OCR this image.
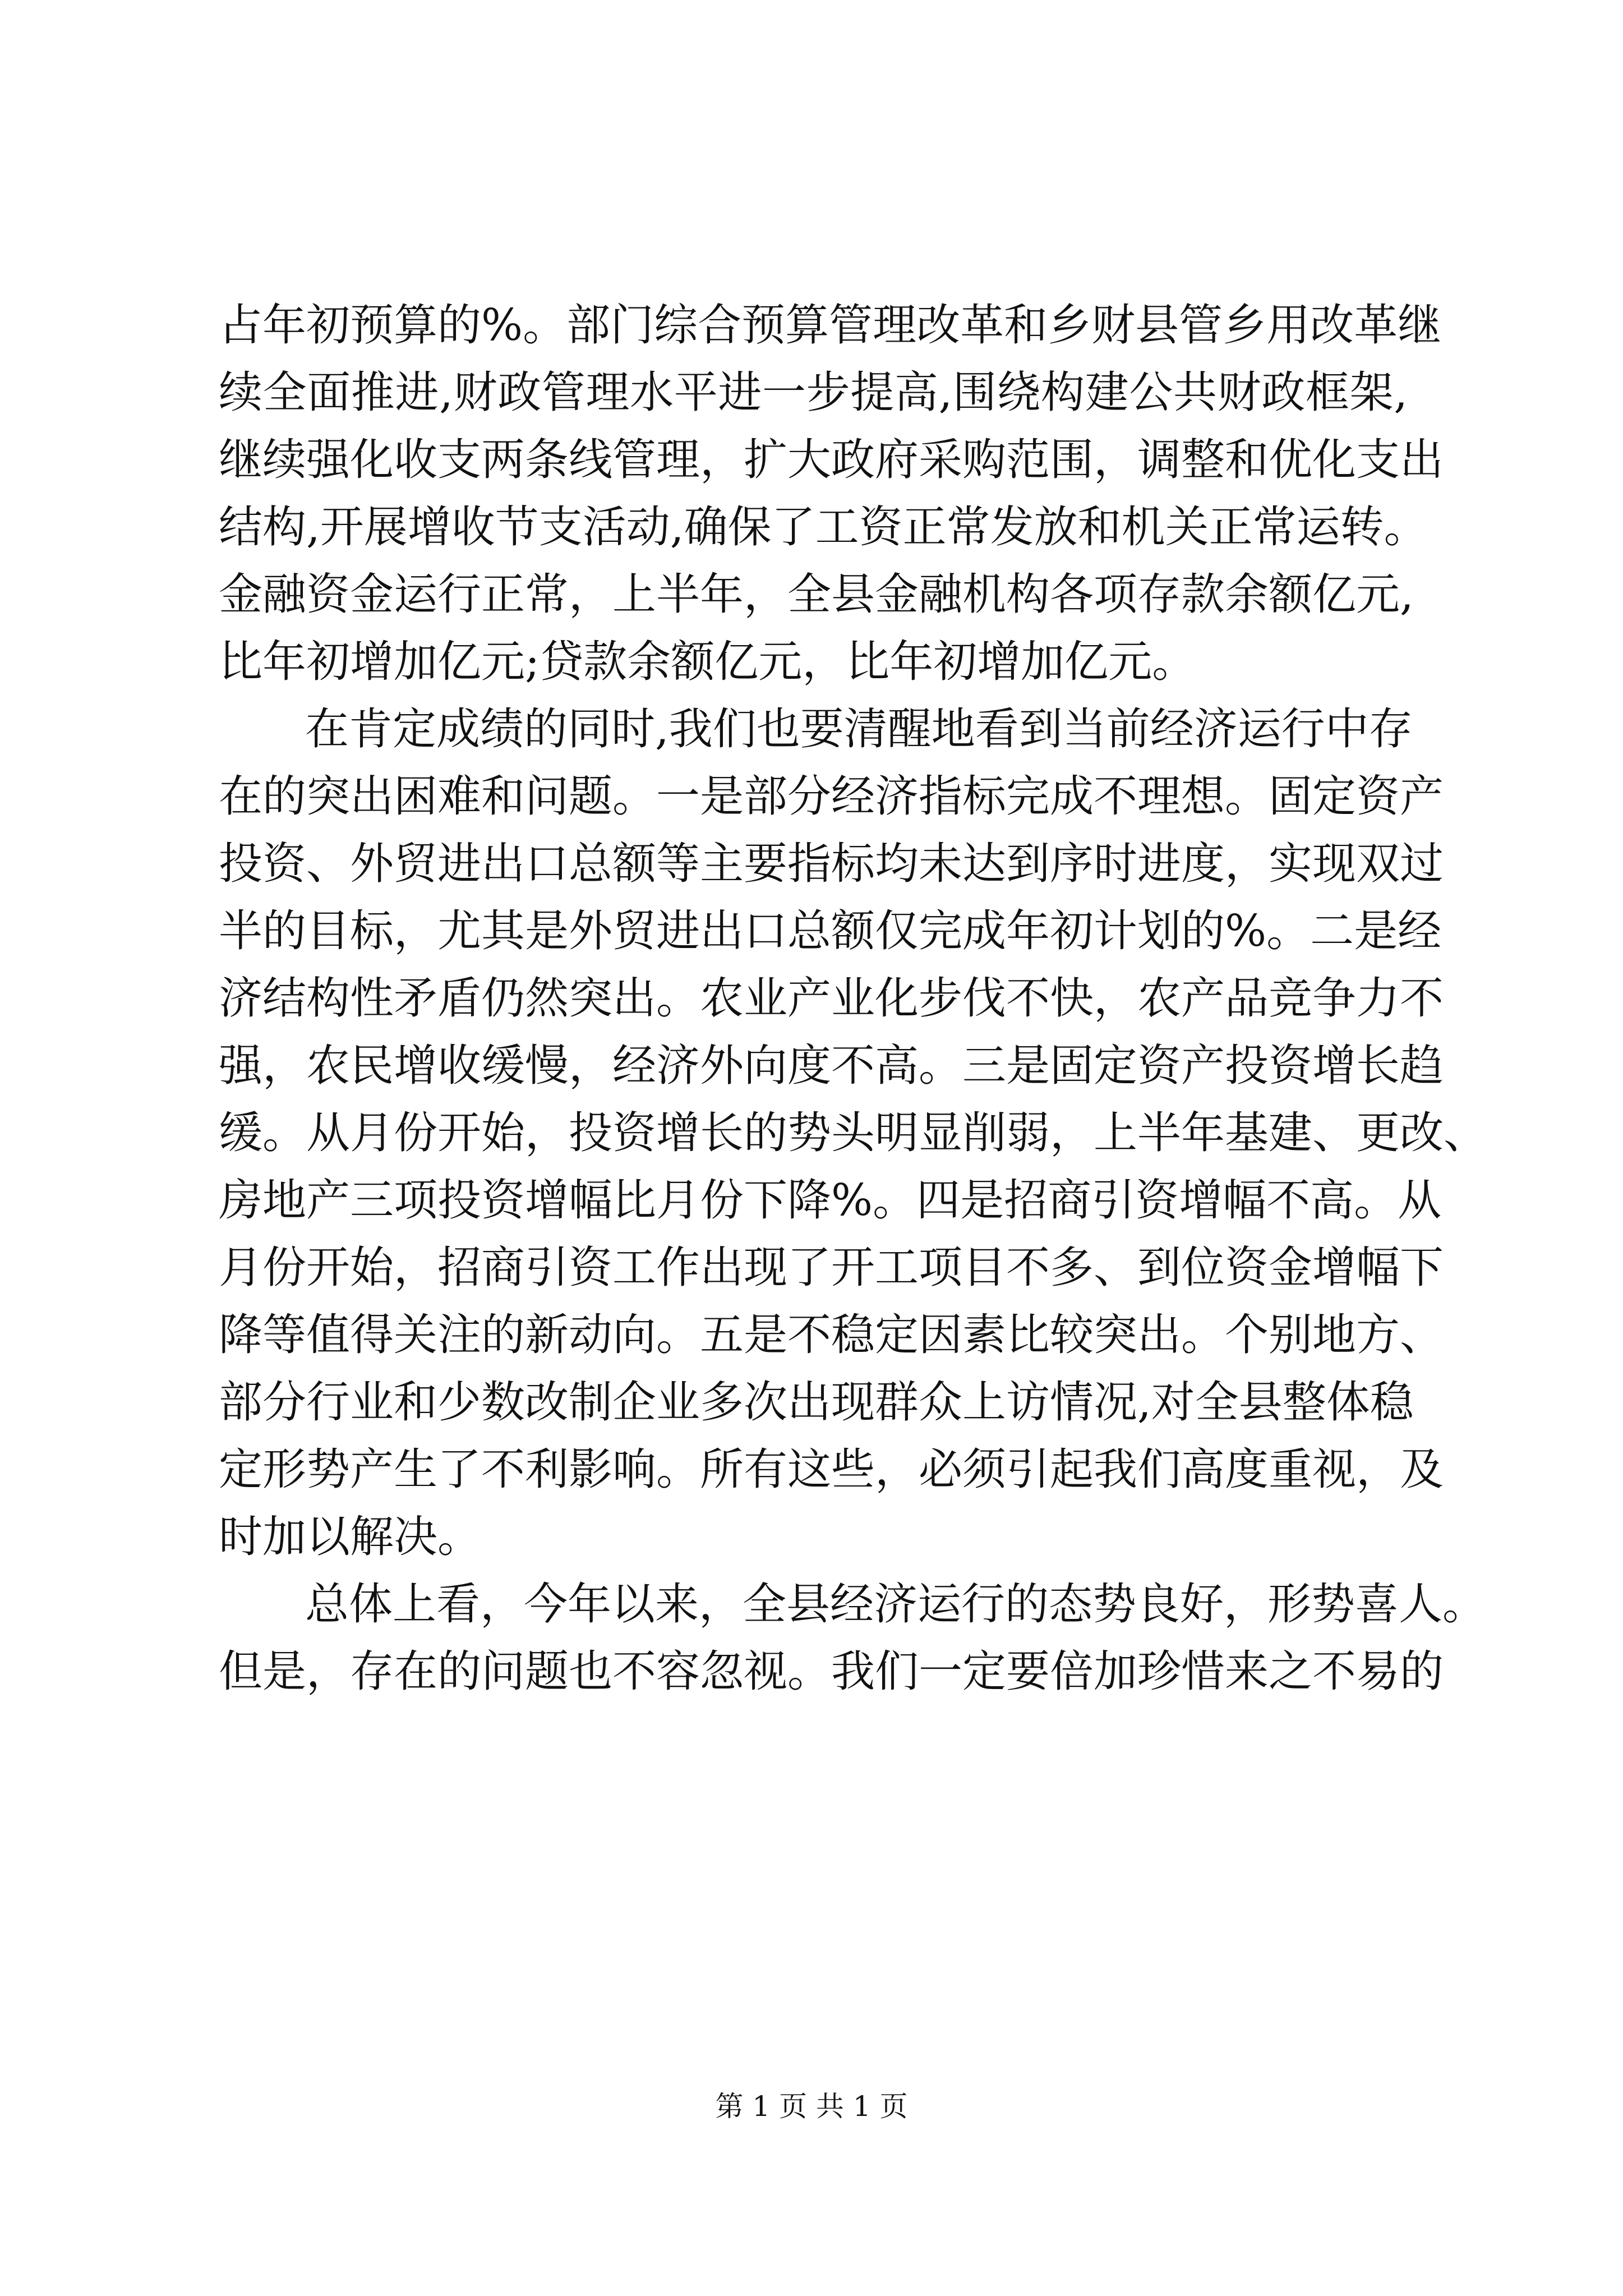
占年初预算的%。部门综合预算管理改革和乡财县管乡用改革继

续全面推进,财政管理水平进一步提高,围绕构建公共财政框架,

继续强化收支两条线管理，扩大政府采购范围，调整和优化支出

结构,开展增收节支活动,确保了工资正常发放和机关正常运转。

金融资金运行正常，上半年，全县金融机构各项存款余额亿元,

比年初增加亿元;贷款余额亿元，比年初增加亿元。

在肯定成绩的同时,我们也要清醒地看到当前经济运行中存

在的突出困难和问题。一是部分经济指标完成不理想。固定资产

投资、外贸进出口总额等主要指标均未达到序时进度，实现双过

半的目标，尤其是外贸进出口总额仅完成年初计划的%。二是经

济结构性矛盾仍然突出。农业产业化步伐不快，农产品竞争力不

强，农民增收缓慢，经济外向度不高。三是固定资产投资增长趋

缓。从月份开始，投资增长的势头明显削弱，上半年基建、更改、

房地产三项投资增幅比月份下降%。四是招商引资增幅不高。从

月份开始，招商引资工作出现了开工项目不多、到位资金增幅下

降等值得关注的新动向。五是不稳定因素比较突出。个别地方、

部分行业和少数改制企业多次出现群众上访情况,对全县整体稳

定形势产生了不利影响。所有这些，必须引起我们高度重视，及

时加以解决。

总体上看，今年以来，全县经济运行的态势良好，形势喜人。

但是，存在的问题也不容忽视。我们一定要倍加珍惜来之不易的

第 1 页 共 1 页
